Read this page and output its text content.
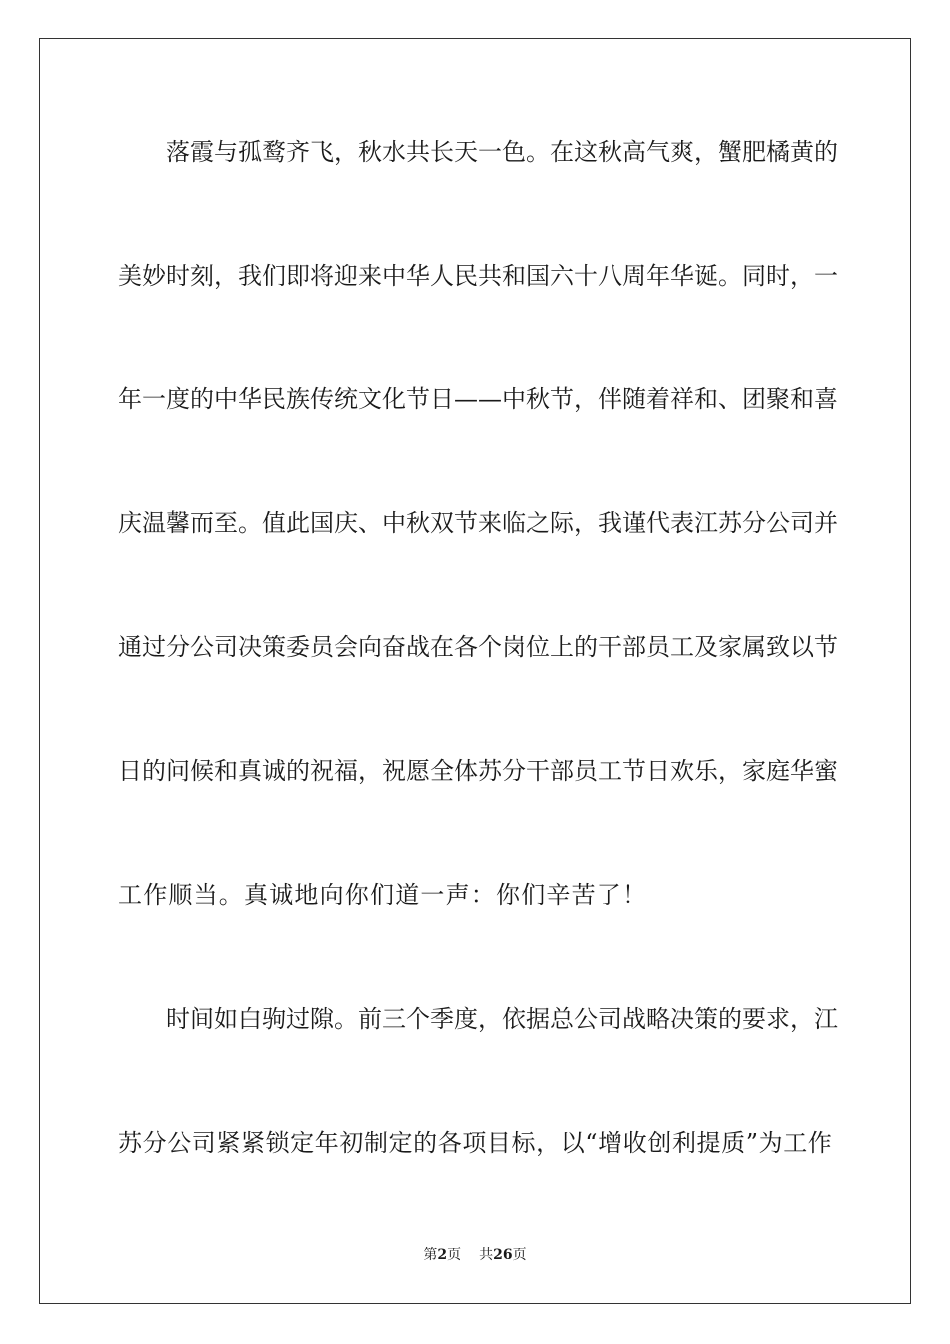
落 霞 与 孤 鹜 齐 飞 ， 秋 水 共 长 天 一 色 。 在 这 秋 高 气 爽 ， 蟹 肥 橘 黄 的
美 妙 时 刻 ， 我 们 即 将 迎 来 中 华 人 民 共 和 国 六 十 八 周 年 华 诞 。 同 时 ， 一
年 一 度 的 中 华 民 族 传 统 文 化 节 日 — — 中 秋 节 ， 伴 随 着 祥 和 、 团 聚 和 喜
庆 温 馨 而 至 。 值 此 国 庆 、 中 秋 双 节 来 临 之 际 ， 我 谨 代 表 江 苏 分 公 司 并
通 过 分 公 司 决 策 委 员 会 向 奋 战 在 各 个 岗 位 上 的 干 部 员 工 及 家 属 致 以 节
日 的 问 候 和 真 诚 的 祝 福 ， 祝 愿 全 体 苏 分 干 部 员 工 节 日 欢 乐 ， 家 庭 华 蜜
工作顺当。真诚地向你们道一声：你们辛苦了！
时 间 如 白 驹 过 隙 。 前 三 个 季 度 ， 依 据 总 公 司 战 略 决 策 的 要 求 ， 江
苏 分 公 司 紧 紧 锁 定 年 初 制 定 的 各 项 目 标 ， 以 “ 增 收 创 利 提 质 ” 为 工 作
第2页 共26页
